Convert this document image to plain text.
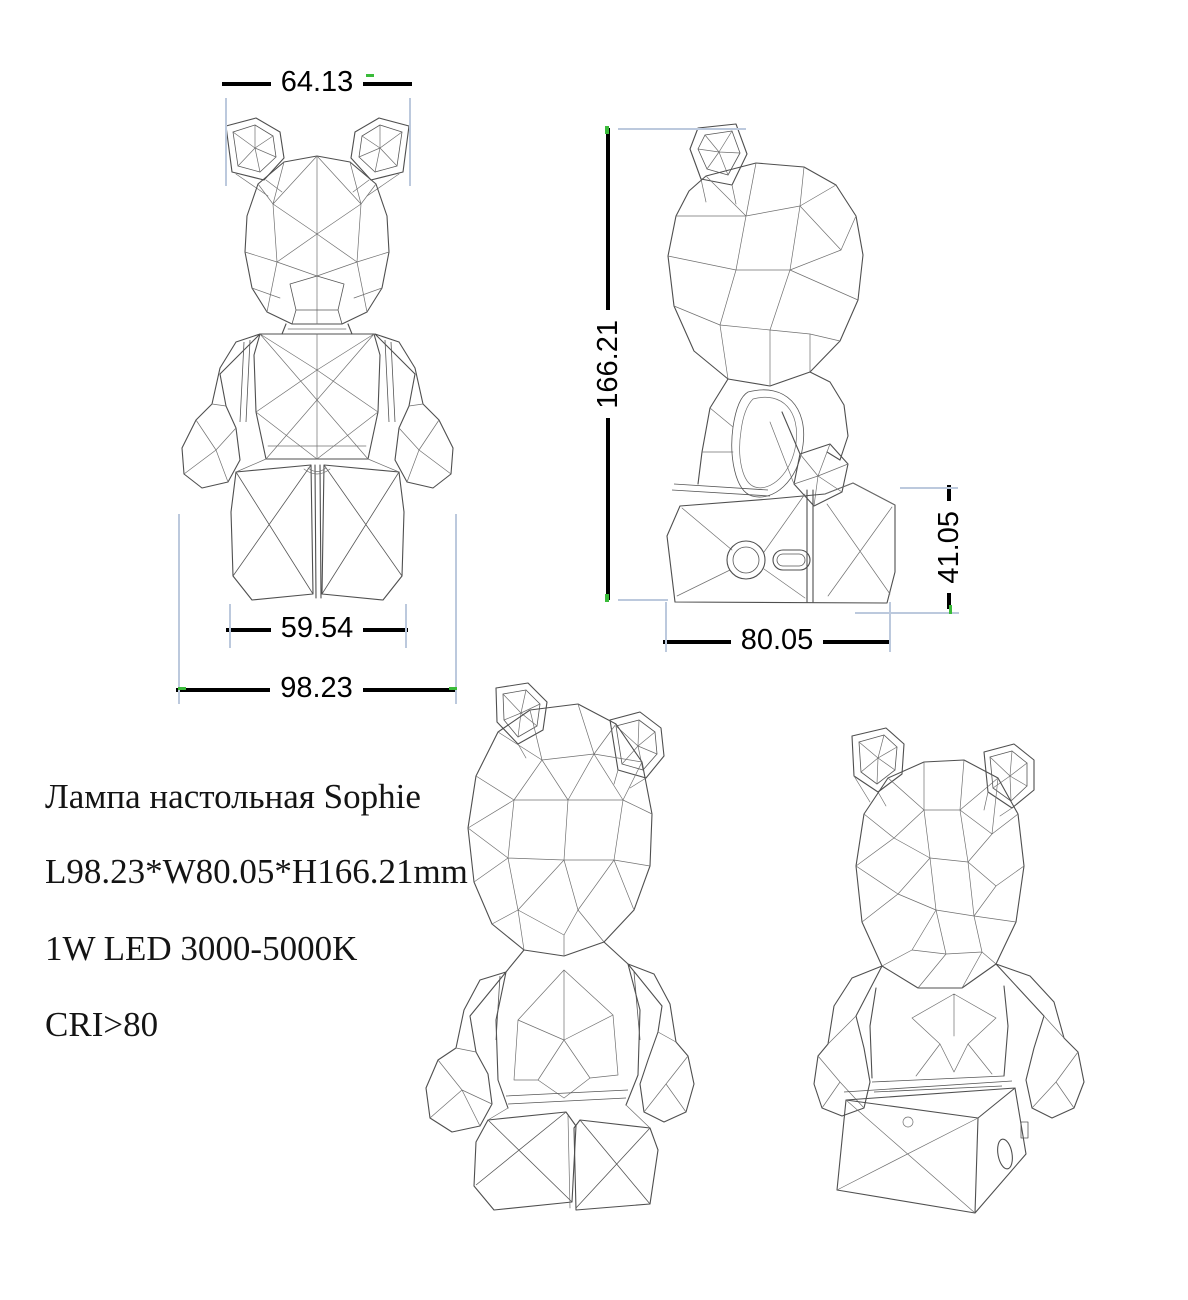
64.13
59.54
98.23
166.21
41.05
80.05
Лампа настольная Sophie
L98.23*W80.05*H166.21mm
1W LED 3000-5000K
CRI>80
